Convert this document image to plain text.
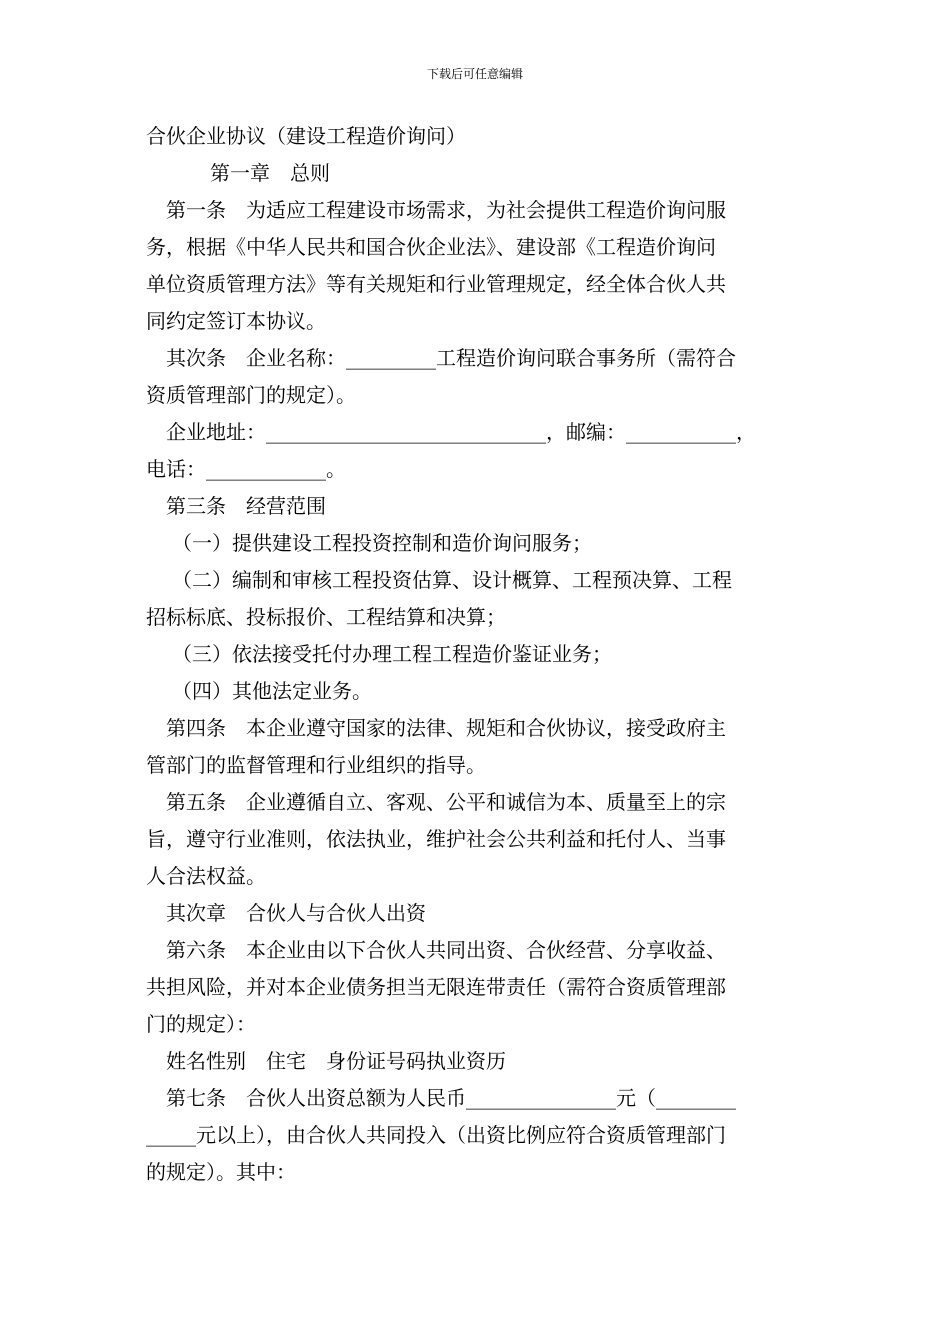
下载后可任意编辑
合伙企业协议（建设工程造价询问）
第一章　总则
第一条　为适应工程建设市场需求，为社会提供工程造价询问服
务，根据《中华人民共和国合伙企业法》、建设部《工程造价询问
单位资质管理方法》等有关规矩和行业管理规定，经全体合伙人共
同约定签订本协议。
其次条　企业名称：_________工程造价询问联合事务所（需符合
资质管理部门的规定）。
企业地址：____________________________，邮编：___________，
电话：____________。
第三条　经营范围
（一）提供建设工程投资控制和造价询问服务；
（二）编制和审核工程投资估算、设计概算、工程预决算、工程
招标标底、投标报价、工程结算和决算；
（三）依法接受托付办理工程工程造价鉴证业务；
（四）其他法定业务。
第四条　本企业遵守国家的法律、规矩和合伙协议，接受政府主
管部门的监督管理和行业组织的指导。
第五条　企业遵循自立、客观、公平和诚信为本、质量至上的宗
旨，遵守行业准则，依法执业，维护社会公共利益和托付人、当事
人合法权益。
其次章　合伙人与合伙人出资
第六条　本企业由以下合伙人共同出资、合伙经营、分享收益、
共担风险，并对本企业债务担当无限连带责任（需符合资质管理部
门的规定）：
姓名性别　住宅　身份证号码执业资历
第七条　合伙人出资总额为人民币_______________元（________
_____元以上），由合伙人共同投入（出资比例应符合资质管理部门
的规定）。其中：
